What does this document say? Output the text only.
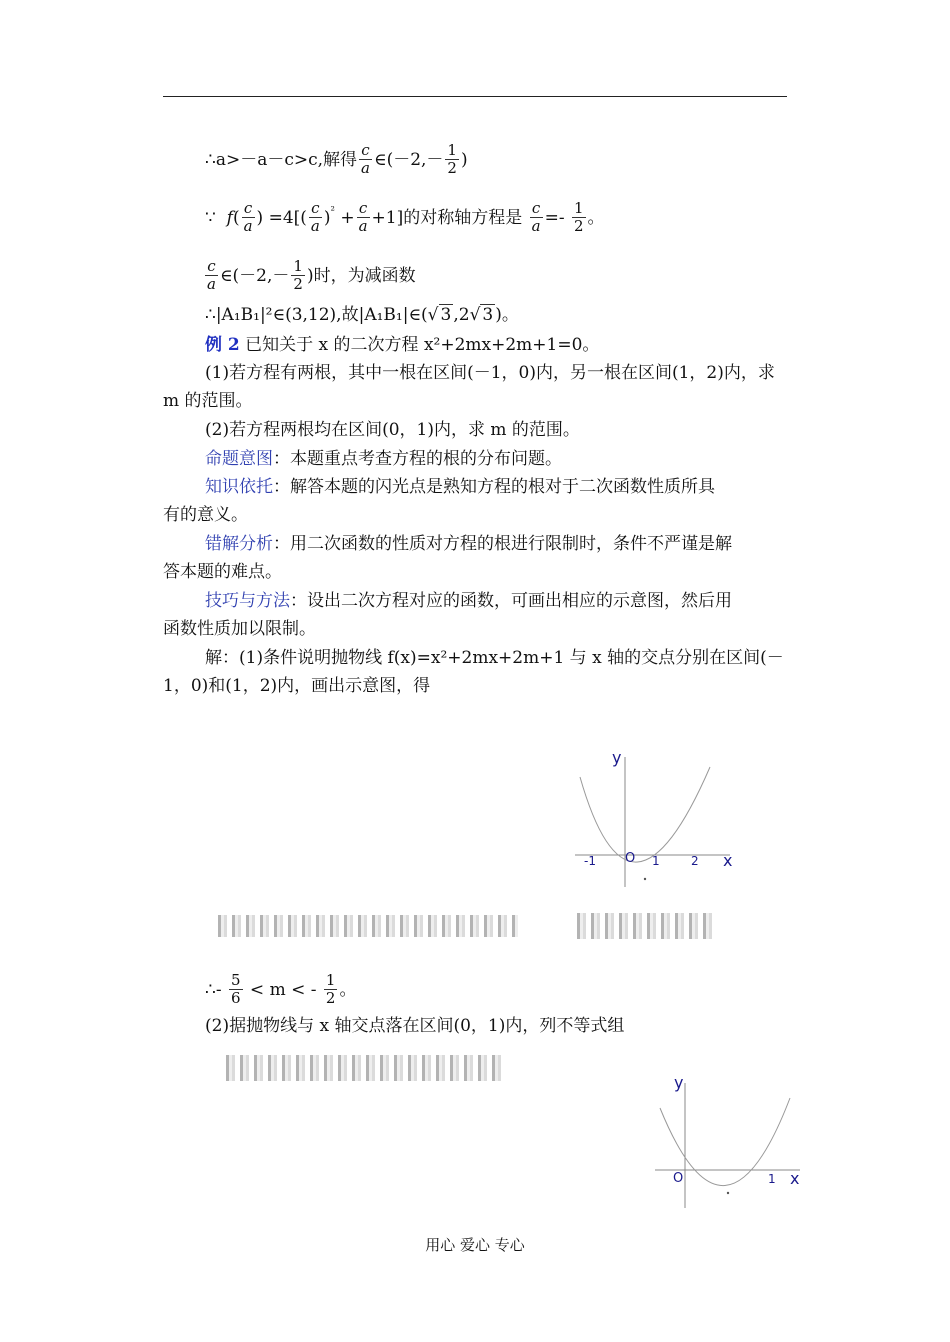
∴a>－a－c>c,解得 $\frac{c}{a}$ ∈(－2,－ $\frac{1}{2}$ )
∵ $f( \frac{c}{a}$ ) $=4[( \frac{c}{a} )^2 + \frac{c}{a} +1]$的对称轴方程是 $\frac{c}{a} =- \frac{1}{2}$ 。
$\frac{c}{a}$ ∈(－2,－ $\frac{1}{2}$ )时，为减函数
∴|A₁B₁|²∈(3,12),故|A₁B₁|∈(√ 3 ,2√ 3 )。
例 2 已知关于 x 的二次方程 x²+2mx+2m+1=0。
(1)若方程有两根，其中一根在区间(－1，0)内，另一根在区间(1，2)内，求
m 的范围。
(2)若方程两根均在区间(0，1)内，求 m 的范围。
命题意图：本题重点考查方程的根的分布问题。
知识依托：解答本题的闪光点是熟知方程的根对于二次函数性质所具
有的意义。
错解分析：用二次函数的性质对方程的根进行限制时，条件不严谨是解
答本题的难点。
技巧与方法：设出二次方程对应的函数，可画出相应的示意图，然后用
函数性质加以限制。
解：(1)条件说明抛物线 f(x)=x²+2mx+2m+1 与 x 轴的交点分别在区间(－
1，0)和(1，2)内，画出示意图，得
y
x
O
-1	1	2
∴- $\frac{5}{6} < m$ < - $\frac{1}{2}$ 。
(2)据抛物线与 x 轴交点落在区间(0，1)内，列不等式组
y
x
O	1
用心 爱心 专心
